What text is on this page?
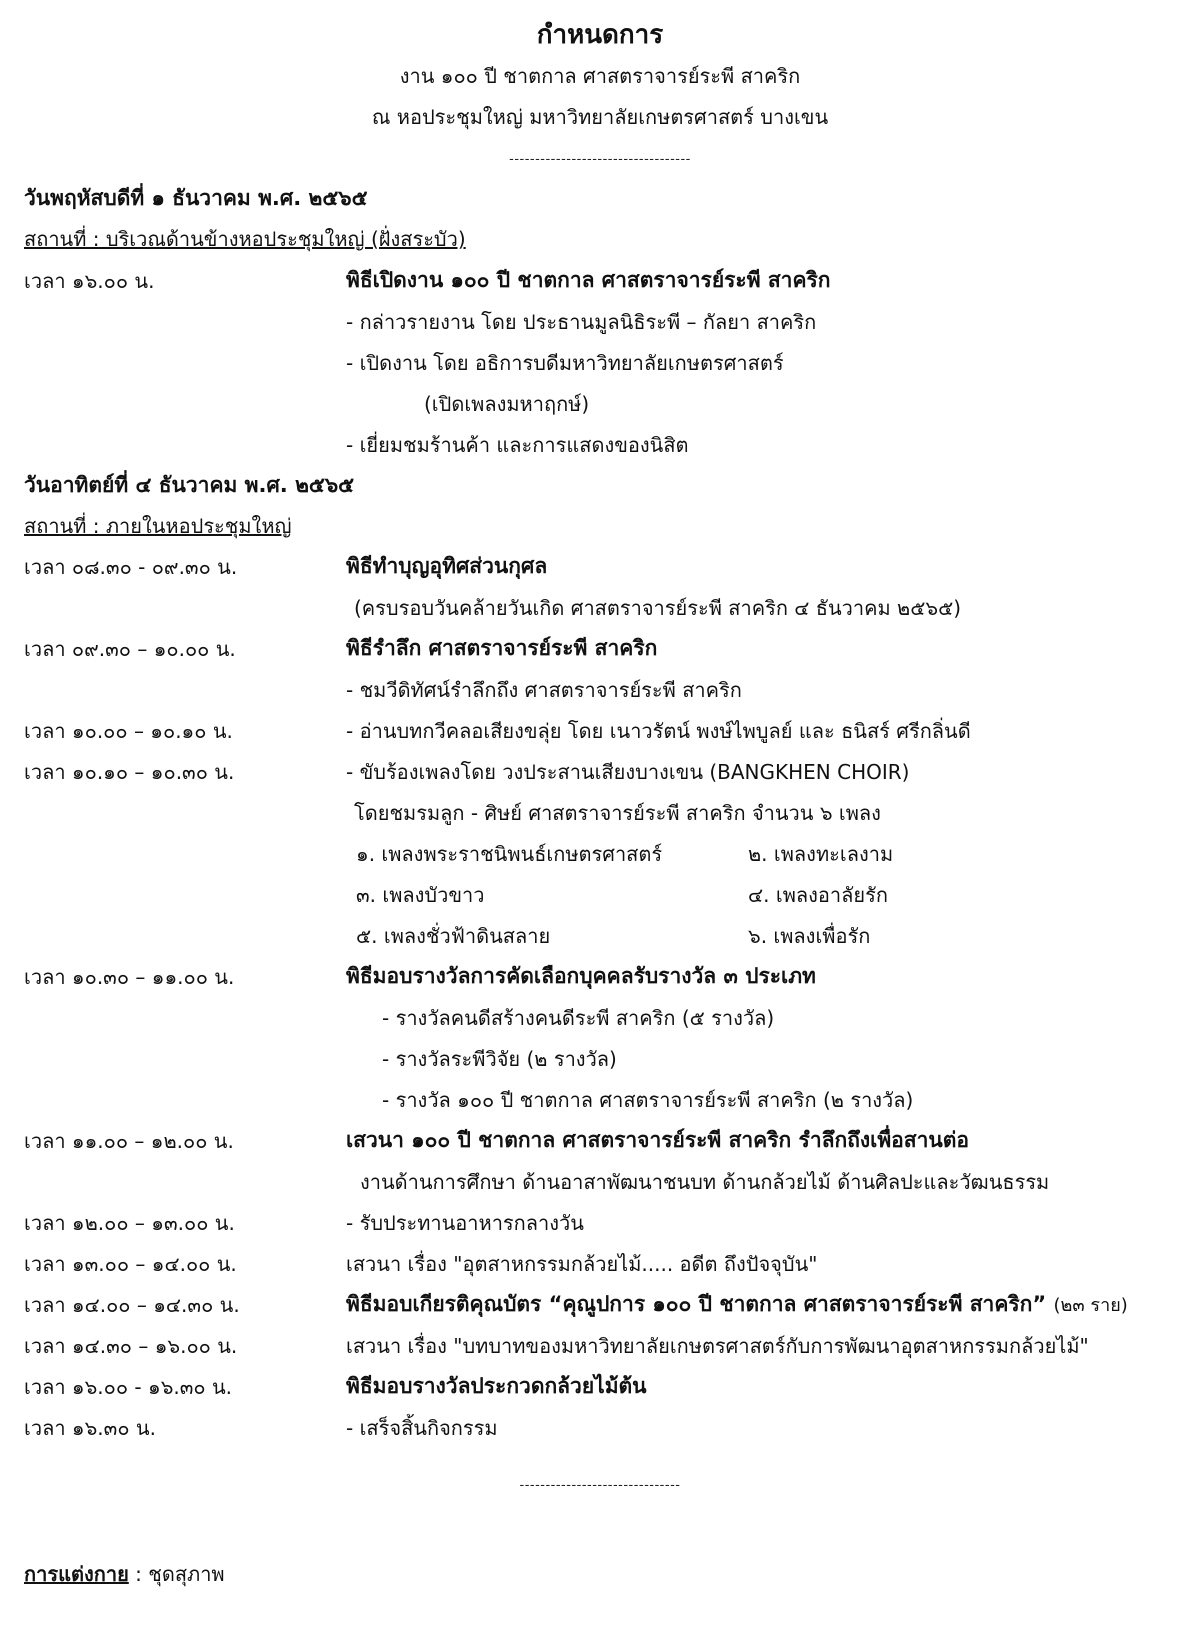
กำหนดการ
งาน ๑๐๐ ปี ชาตกาล ศาสตราจารย์ระพี สาคริก
ณ หอประชุมใหญ่ มหาวิทยาลัยเกษตรศาสตร์ บางเขน
-----------------------------------
วันพฤหัสบดีที่ ๑ ธันวาคม พ.ศ. ๒๕๖๕
สถานที่ : บริเวณด้านข้างหอประชุมใหญ่ (ฝั่งสระบัว)
เวลา ๑๖.๐๐ น.	พิธีเปิดงาน ๑๐๐ ปี ชาตกาล ศาสตราจารย์ระพี สาคริก
- กล่าวรายงาน โดย ประธานมูลนิธิระพี – กัลยา สาคริก
- เปิดงาน โดย อธิการบดีมหาวิทยาลัยเกษตรศาสตร์
(เปิดเพลงมหาฤกษ์)
- เยี่ยมชมร้านค้า และการแสดงของนิสิต
วันอาทิตย์ที่ ๔ ธันวาคม พ.ศ. ๒๕๖๕
สถานที่ : ภายในหอประชุมใหญ่
เวลา ๐๘.๓๐ - ๐๙.๓๐ น.	พิธีทำบุญอุทิศส่วนกุศล
(ครบรอบวันคล้ายวันเกิด ศาสตราจารย์ระพี สาคริก ๔ ธันวาคม ๒๕๖๕)
เวลา ๐๙.๓๐ – ๑๐.๐๐ น.	พิธีรำลึก ศาสตราจารย์ระพี สาคริก
- ชมวีดิทัศน์รำลึกถึง ศาสตราจารย์ระพี สาคริก
เวลา ๑๐.๐๐ – ๑๐.๑๐ น.	- อ่านบทกวีคลอเสียงขลุ่ย โดย เนาวรัตน์ พงษ์ไพบูลย์ และ ธนิสร์ ศรีกลิ่นดี
เวลา ๑๐.๑๐ – ๑๐.๓๐ น.	- ขับร้องเพลงโดย วงประสานเสียงบางเขน (BANGKHEN CHOIR)
โดยชมรมลูก - ศิษย์ ศาสตราจารย์ระพี สาคริก จำนวน ๖ เพลง
๑. เพลงพระราชนิพนธ์เกษตรศาสตร์	๒. เพลงทะเลงาม
๓. เพลงบัวขาว	๔. เพลงอาลัยรัก
๕. เพลงชั่วฟ้าดินสลาย	๖. เพลงเพื่อรัก
เวลา ๑๐.๓๐ – ๑๑.๐๐ น.	พิธีมอบรางวัลการคัดเลือกบุคคลรับรางวัล ๓ ประเภท
- รางวัลคนดีสร้างคนดีระพี สาคริก (๕ รางวัล)
- รางวัลระพีวิจัย (๒ รางวัล)
- รางวัล ๑๐๐ ปี ชาตกาล ศาสตราจารย์ระพี สาคริก (๒ รางวัล)
เวลา ๑๑.๐๐ – ๑๒.๐๐ น.	เสวนา ๑๐๐ ปี ชาตกาล ศาสตราจารย์ระพี สาคริก รำลึกถึงเพื่อสานต่อ
งานด้านการศึกษา ด้านอาสาพัฒนาชนบท ด้านกล้วยไม้ ด้านศิลปะและวัฒนธรรม
เวลา ๑๒.๐๐ – ๑๓.๐๐ น.	- รับประทานอาหารกลางวัน
เวลา ๑๓.๐๐ – ๑๔.๐๐ น.	เสวนา เรื่อง "อุตสาหกรรมกล้วยไม้..... อดีต ถึงปัจจุบัน"
เวลา ๑๔.๐๐ – ๑๔.๓๐ น.	พิธีมอบเกียรติคุณบัตร “คุณูปการ ๑๐๐ ปี ชาตกาล ศาสตราจารย์ระพี สาคริก” (๒๓ ราย)
เวลา ๑๔.๓๐ – ๑๖.๐๐ น.	เสวนา เรื่อง "บทบาทของมหาวิทยาลัยเกษตรศาสตร์กับการพัฒนาอุตสาหกรรมกล้วยไม้"
เวลา ๑๖.๐๐ - ๑๖.๓๐ น.	พิธีมอบรางวัลประกวดกล้วยไม้ต้น
เวลา ๑๖.๓๐ น.	- เสร็จสิ้นกิจกรรม
-------------------------------
การแต่งกาย : ชุดสุภาพ
